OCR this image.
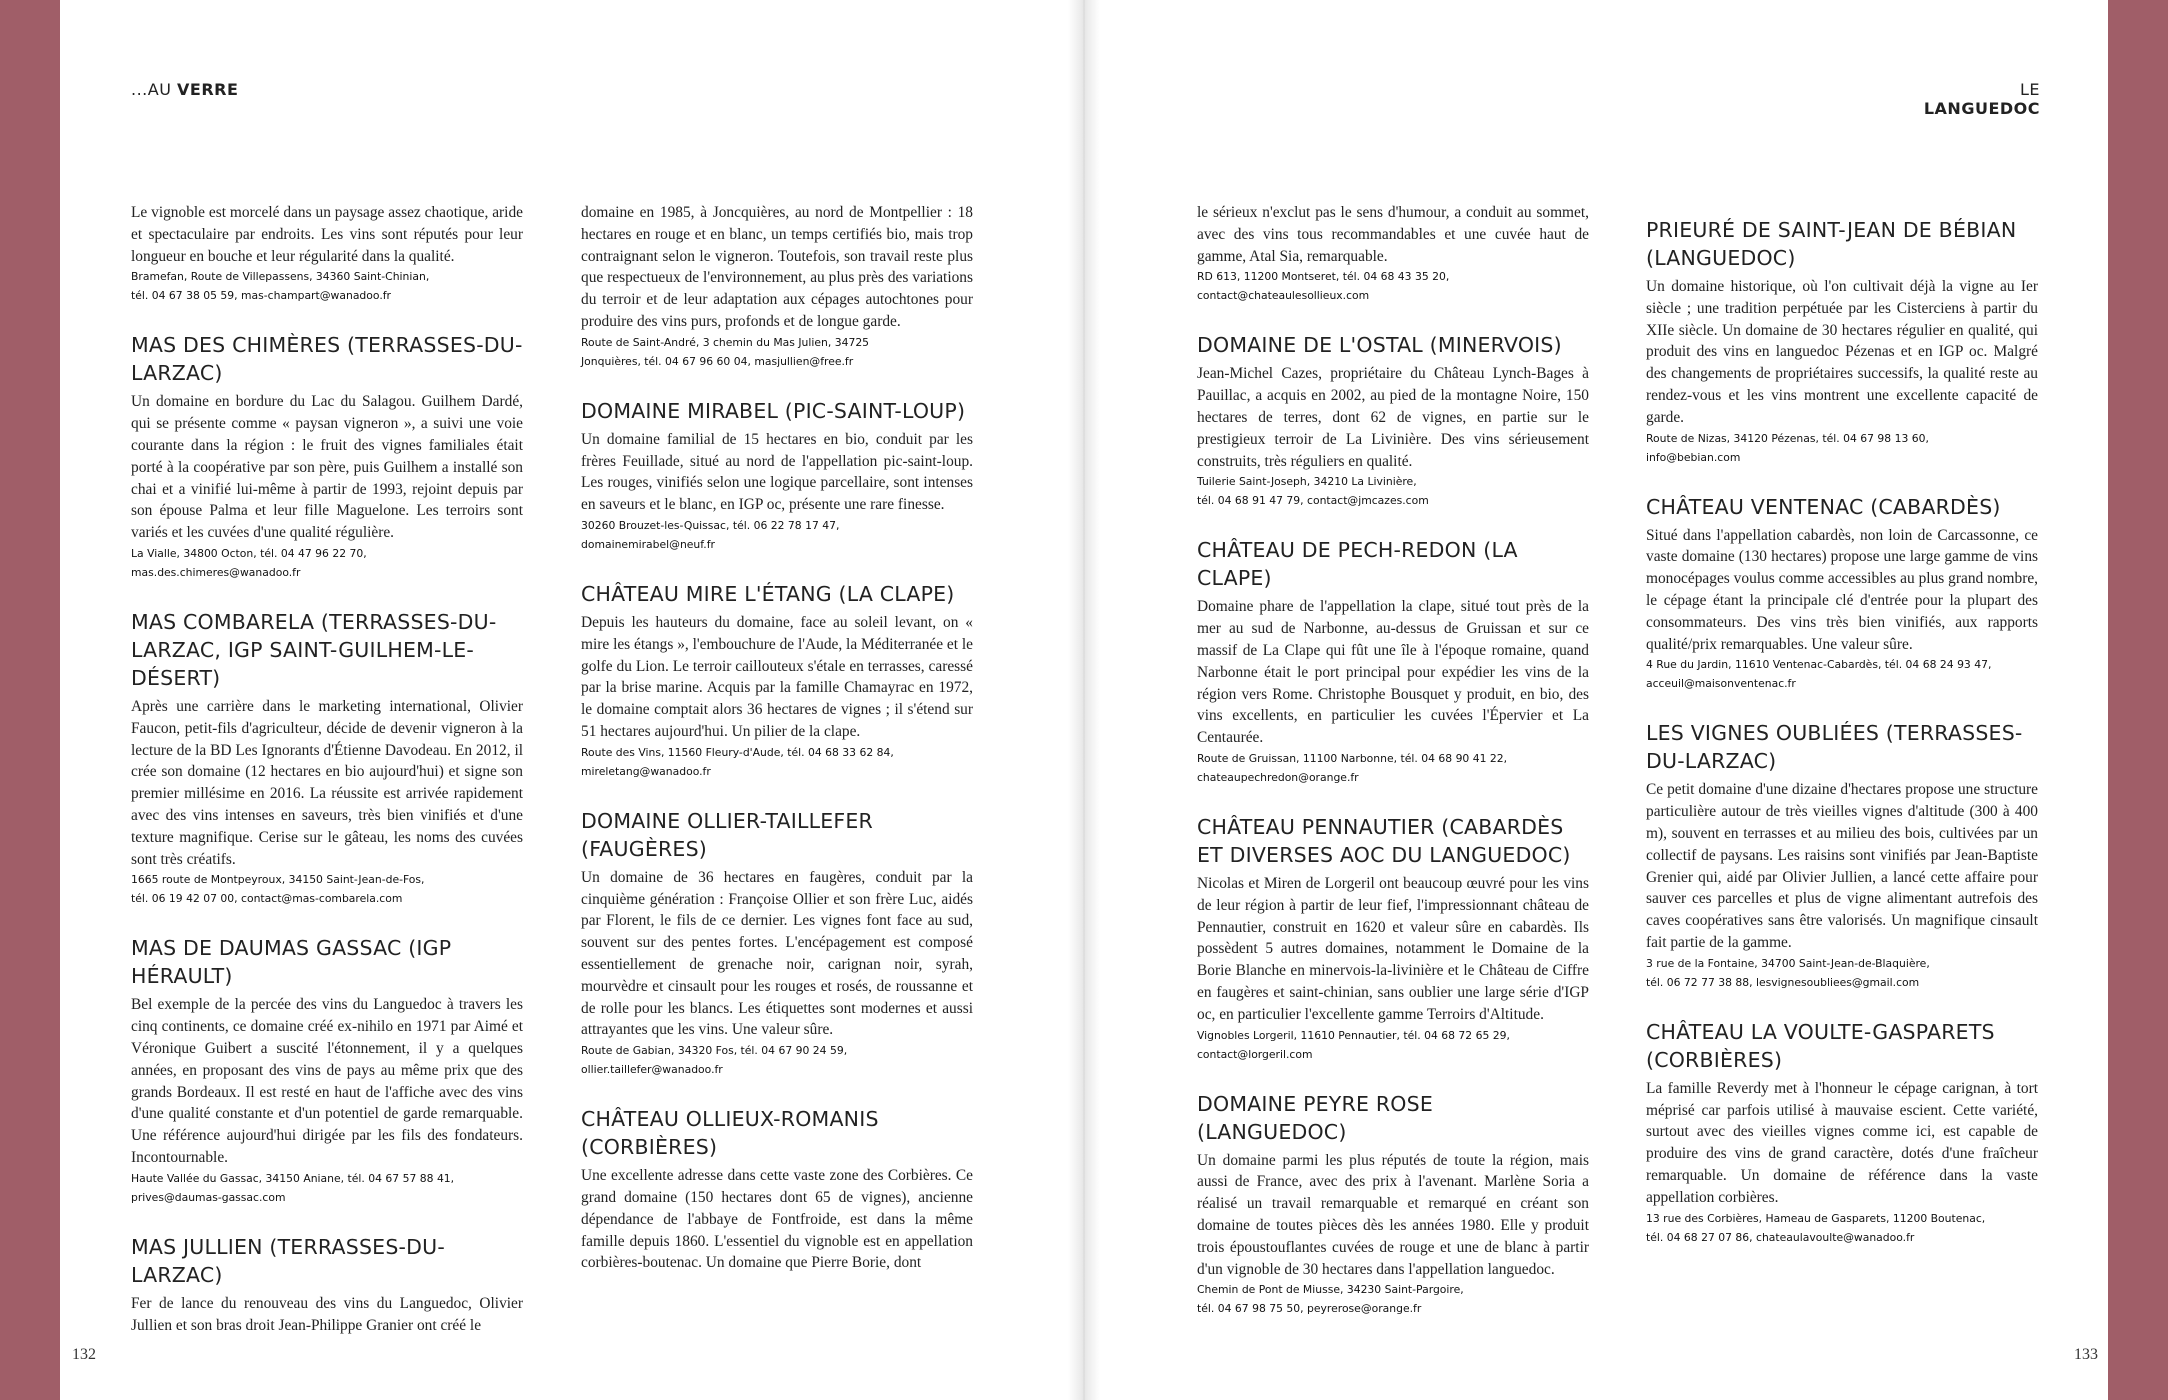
...AU VERRE	LE LANGUEDOC

Le vignoble est morcelé dans un paysage assez chaotique, aride et spectaculaire par endroits. Les vins sont réputés pour leur longueur en bouche et leur régularité dans la qualité.

Bramefan, Route de Villepassens, 34360 Saint-Chinian,
tél. 04 67 38 05 59, mas-champart@wanadoo.fr
MAS DES CHIMÈRES (TERRASSES-DU-LARZAC)

Un domaine en bordure du Lac du Salagou. Guilhem Dardé, qui se présente comme « paysan vigneron », a suivi une voie courante dans la région : le fruit des vignes familiales était porté à la coopérative par son père, puis Guilhem a installé son chai et a vinifié lui-même à partir de 1993, rejoint depuis par son épouse Palma et leur fille Maguelone. Les terroirs sont variés et les cuvées d'une qualité régulière.

La Vialle, 34800 Octon, tél. 04 47 96 22 70,
mas.des.chimeres@wanadoo.fr
MAS COMBARELA (TERRASSES-DU-LARZAC, IGP SAINT-GUILHEM-LE-DÉSERT)

Après une carrière dans le marketing international, Olivier Faucon, petit-fils d'agriculteur, décide de devenir vigneron à la lecture de la BD Les Ignorants d'Étienne Davodeau. En 2012, il crée son domaine (12 hectares en bio aujourd'hui) et signe son premier millésime en 2016. La réussite est arrivée rapidement avec des vins intenses en saveurs, très bien vinifiés et d'une texture magnifique. Cerise sur le gâteau, les noms des cuvées sont très créatifs.

1665 route de Montpeyroux, 34150 Saint-Jean-de-Fos,
tél. 06 19 42 07 00, contact@mas-combarela.com
MAS DE DAUMAS GASSAC (IGP HÉRAULT)

Bel exemple de la percée des vins du Languedoc à travers les cinq continents, ce domaine créé ex-nihilo en 1971 par Aimé et Véronique Guibert a suscité l'étonnement, il y a quelques années, en proposant des vins de pays au même prix que des grands Bordeaux. Il est resté en haut de l'affiche avec des vins d'une qualité constante et d'un potentiel de garde remarquable. Une référence aujourd'hui dirigée par les fils des fondateurs. Incontournable.

Haute Vallée du Gassac, 34150 Aniane, tél. 04 67 57 88 41,
prives@daumas-gassac.com
MAS JULLIEN (TERRASSES-DU-LARZAC)

Fer de lance du renouveau des vins du Languedoc, Olivier Jullien et son bras droit Jean-Philippe Granier ont créé le

domaine en 1985, à Joncquières, au nord de Montpellier : 18 hectares en rouge et en blanc, un temps certifiés bio, mais trop contraignant selon le vigneron. Toutefois, son travail reste plus que respectueux de l'environnement, au plus près des variations du terroir et de leur adaptation aux cépages autochtones pour produire des vins purs, profonds et de longue garde.

Route de Saint-André, 3 chemin du Mas Julien, 34725
Jonquières, tél. 04 67 96 60 04, masjullien@free.fr
DOMAINE MIRABEL (PIC-SAINT-LOUP)

Un domaine familial de 15 hectares en bio, conduit par les frères Feuillade, situé au nord de l'appellation pic-saint-loup. Les rouges, vinifiés selon une logique parcellaire, sont intenses en saveurs et le blanc, en IGP oc, présente une rare finesse.

30260 Brouzet-les-Quissac, tél. 06 22 78 17 47,
domainemirabel@neuf.fr
CHÂTEAU MIRE L'ÉTANG (LA CLAPE)

Depuis les hauteurs du domaine, face au soleil levant, on « mire les étangs », l'embouchure de l'Aude, la Méditerranée et le golfe du Lion. Le terroir caillouteux s'étale en terrasses, caressé par la brise marine. Acquis par la famille Chamayrac en 1972, le domaine comptait alors 36 hectares de vignes ; il s'étend sur 51 hectares aujourd'hui. Un pilier de la clape.

Route des Vins, 11560 Fleury-d'Aude, tél. 04 68 33 62 84,
mireletang@wanadoo.fr
DOMAINE OLLIER-TAILLEFER (FAUGÈRES)

Un domaine de 36 hectares en faugères, conduit par la cinquième génération : Françoise Ollier et son frère Luc, aidés par Florent, le fils de ce dernier. Les vignes font face au sud, souvent sur des pentes fortes. L'encépagement est composé essentiellement de grenache noir, carignan noir, syrah, mourvèdre et cinsault pour les rouges et rosés, de roussanne et de rolle pour les blancs. Les étiquettes sont modernes et aussi attrayantes que les vins. Une valeur sûre.

Route de Gabian, 34320 Fos, tél. 04 67 90 24 59,
ollier.taillefer@wanadoo.fr
CHÂTEAU OLLIEUX-ROMANIS (CORBIÈRES)

Une excellente adresse dans cette vaste zone des Corbières. Ce grand domaine (150 hectares dont 65 de vignes), ancienne dépendance de l'abbaye de Fontfroide, est dans la même famille depuis 1860. L'essentiel du vignoble est en appellation corbières-boutenac. Un domaine que Pierre Borie, dont

le sérieux n'exclut pas le sens d'humour, a conduit au sommet, avec des vins tous recommandables et une cuvée haut de gamme, Atal Sia, remarquable.

RD 613, 11200 Montseret, tél. 04 68 43 35 20,
contact@chateaulesollieux.com
DOMAINE DE L'OSTAL (MINERVOIS)

Jean-Michel Cazes, propriétaire du Château Lynch-Bages à Pauillac, a acquis en 2002, au pied de la montagne Noire, 150 hectares de terres, dont 62 de vignes, en partie sur le prestigieux terroir de La Livinière. Des vins sérieusement construits, très réguliers en qualité.

Tuilerie Saint-Joseph, 34210 La Livinière,
tél. 04 68 91 47 79, contact@jmcazes.com
CHÂTEAU DE PECH-REDON (LA CLAPE)

Domaine phare de l'appellation la clape, situé tout près de la mer au sud de Narbonne, au-dessus de Gruissan et sur ce massif de La Clape qui fût une île à l'époque romaine, quand Narbonne était le port principal pour expédier les vins de la région vers Rome. Christophe Bousquet y produit, en bio, des vins excellents, en particulier les cuvées l'Épervier et La Centaurée.

Route de Gruissan, 11100 Narbonne, tél. 04 68 90 41 22,
chateaupechredon@orange.fr
CHÂTEAU PENNAUTIER (CABARDÈS ET DIVERSES AOC DU LANGUEDOC)

Nicolas et Miren de Lorgeril ont beaucoup œuvré pour les vins de leur région à partir de leur fief, l'impressionnant château de Pennautier, construit en 1620 et valeur sûre en cabardès. Ils possèdent 5 autres domaines, notamment le Domaine de la Borie Blanche en minervois-la-livinière et le Château de Ciffre en faugères et saint-chinian, sans oublier une large série d'IGP oc, en particulier l'excellente gamme Terroirs d'Altitude.

Vignobles Lorgeril, 11610 Pennautier, tél. 04 68 72 65 29,
contact@lorgeril.com
DOMAINE PEYRE ROSE (LANGUEDOC)

Un domaine parmi les plus réputés de toute la région, mais aussi de France, avec des prix à l'avenant. Marlène Soria a réalisé un travail remarquable et remarqué en créant son domaine de toutes pièces dès les années 1980. Elle y produit trois époustouflantes cuvées de rouge et une de blanc à partir d'un vignoble de 30 hectares dans l'appellation languedoc.

Chemin de Pont de Miusse, 34230 Saint-Pargoire,
tél. 04 67 98 75 50, peyrerose@orange.fr
PRIEURÉ DE SAINT-JEAN DE BÉBIAN (LANGUEDOC)

Un domaine historique, où l'on cultivait déjà la vigne au Ier siècle ; une tradition perpétuée par les Cisterciens à partir du XIIe siècle. Un domaine de 30 hectares régulier en qualité, qui produit des vins en languedoc Pézenas et en IGP oc. Malgré des changements de propriétaires successifs, la qualité reste au rendez-vous et les vins montrent une excellente capacité de garde.

Route de Nizas, 34120 Pézenas, tél. 04 67 98 13 60,
info@bebian.com
CHÂTEAU VENTENAC (CABARDÈS)

Situé dans l'appellation cabardès, non loin de Carcassonne, ce vaste domaine (130 hectares) propose une large gamme de vins monocépages voulus comme accessibles au plus grand nombre, le cépage étant la principale clé d'entrée pour la plupart des consommateurs. Des vins très bien vinifiés, aux rapports qualité/prix remarquables. Une valeur sûre.

4 Rue du Jardin, 11610 Ventenac-Cabardès, tél. 04 68 24 93 47,
acceuil@maisonventenac.fr
LES VIGNES OUBLIÉES (TERRASSES-DU-LARZAC)

Ce petit domaine d'une dizaine d'hectares propose une structure particulière autour de très vieilles vignes d'altitude (300 à 400 m), souvent en terrasses et au milieu des bois, cultivées par un collectif de paysans. Les raisins sont vinifiés par Jean-Baptiste Grenier qui, aidé par Olivier Jullien, a lancé cette affaire pour sauver ces parcelles et plus de vigne alimentant autrefois des caves coopératives sans être valorisés. Un magnifique cinsault fait partie de la gamme.

3 rue de la Fontaine, 34700 Saint-Jean-de-Blaquière,
tél. 06 72 77 38 88, lesvignesoubliees@gmail.com
CHÂTEAU LA VOULTE-GASPARETS (CORBIÈRES)

La famille Reverdy met à l'honneur le cépage carignan, à tort méprisé car parfois utilisé à mauvaise escient. Cette variété, surtout avec des vieilles vignes comme ici, est capable de produire des vins de grand caractère, dotés d'une fraîcheur remarquable. Un domaine de référence dans la vaste appellation corbières.

13 rue des Corbières, Hameau de Gasparets, 11200 Boutenac,
tél. 04 68 27 07 86, chateaulavoulte@wanadoo.fr
132	133
